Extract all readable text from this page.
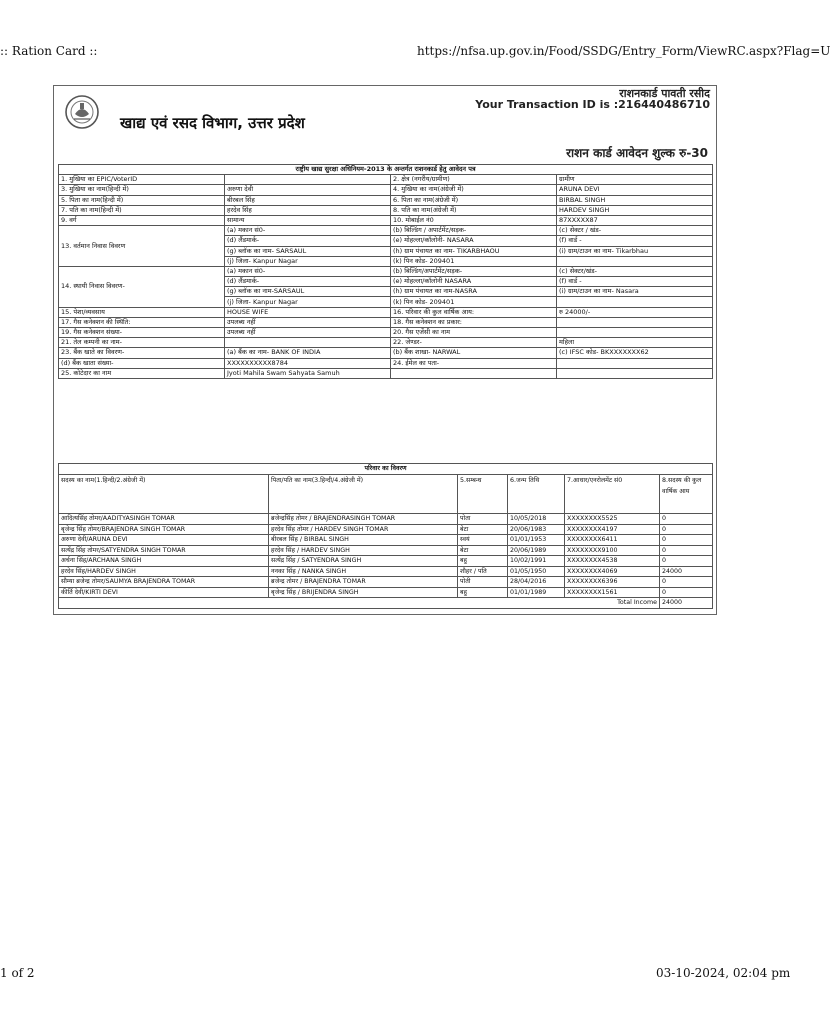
:: Ration Card ::	https://nfsa.up.gov.in/Food/SSDG/Entry_Form/ViewRC.aspx?Flag=U
खाद्य एवं रसद विभाग, उत्तर प्रदेश
राशनकार्ड पावती रसीद
Your Transaction ID is :216440486710
राशन कार्ड आवेदन शुल्क रु-30
राष्ट्रीय खाद्य सुरक्षा अधिनियम-2013 के अन्तर्गत राशनकार्ड हेतु आवेदन पत्र			
1. मुखिया का EPIC/VoterID		2. क्षेत्र (नगरीय/ग्रामीण)	ग्रामीण
3. मुखिया का नाम(हिन्दी में)	अरुणा देवी	4. मुखिया का नाम(अंग्रेजी में)	ARUNA DEVI
5. पिता का नाम(हिन्दी में)	बीरबल सिंह	6. पिता का नाम(अंग्रेजी में)	BIRBAL SINGH
7. पति का नाम(हिन्दी में)	हरदेव सिंह	8. पति का नाम(अंग्रेजी में)	HARDEV SINGH
9. वर्ग	सामान्य	10. मोबाईल नं0	87XXXXX87
13. वर्तमान निवास विवरण	(a) मकान सं0-	(b) बिल्डिंग / अपार्टमेंट/सड़क-	(c) सेक्टर / खंड-
	(d) लैंडमार्क-	(e) मोहल्ला/कॉलोनी- NASARA	(f) वार्ड -
	(g) ब्लॉक का नाम- SARSAUL	(h) ग्राम पंचायत का नाम- TIKARBHAOU	(i) ग्राम/टाउन का नाम- Tikarbhau
	(j) जिला- Kanpur Nagar	(k) पिन कोड- 209401	
14. स्थायी निवास विवरण-	(a) मकान सं0-	(b) बिल्डिंग/अपार्टमेंट/सड़क-	(c) सेक्टर/खंड-
	(d) लैंडमार्क-	(e) मोहल्ला/कॉलोनी NASARA	(f) वार्ड -
	(g) ब्लॉक का नाम-SARSAUL	(h) ग्राम पंचायत का नाम-NASRA	(i) ग्राम/टाउन का नाम- Nasara
	(j) जिला- Kanpur Nagar	(k) पिन कोड- 209401	
15. पेशा/व्यवसाय	HOUSE WIFE	16. परिवार की कुल वार्षिक आय:	रु 24000/-
17. गैस कनेक्शन की स्थिति:	उपलब्ध नहीं	18. गैस कनेक्शन का प्रकार:	
19. गैस कनेक्शन संख्या-	उपलब्ध नहीं	20. गैस एजेंसी का नाम	
21. तेल कम्पनी का नाम-		22. जेण्डर-	महिला
23. बैंक खाते का विवरण-	(a) बैंक का नाम- BANK OF INDIA	(b) बैंक शाखा- NARWAL	(c) IFSC कोड- BKXXXXXXX62
(d) बैंक खाता संख्या-	XXXXXXXXXX8784	24. ईमेल का पता-	
25. कोटेदार का नाम	Jyoti Mahila Swam Sahyata Samuh		
परिवार का विवरण					
सदस्य का नाम(1.हिन्दी/2.अंग्रेजी में)	पिता/पति का नाम(3.हिन्दी/4.अंग्रेजी में)	5.सम्बन्ध	6.जन्म तिथि	7.आधार/एनरोलमेंट सं0	8.सदस्य की कुल वार्षिक आय
आदित्यसिंह तोमर/AADITYASINGH TOMAR	ब्रजेन्द्रसिंह तोमर / BRAJENDRASINGH TOMAR	पोता	10/05/2018	XXXXXXXX5525	0
बृजेन्द्र सिंह तोमर/BRAJENDRA SINGH TOMAR	हरदेव सिंह तोमर / HARDEV SINGH TOMAR	बेटा	20/06/1983	XXXXXXXX4197	0
अरुणा देवी/ARUNA DEVI	बीरबल सिंह / BIRBAL SINGH	स्वयं	01/01/1953	XXXXXXXX6411	0
सत्येंद्र सिंह तोमर/SATYENDRA SINGH TOMAR	हरदेव सिंह / HARDEV SINGH	बेटा	20/06/1989	XXXXXXXX9100	0
अर्चना सिंह/ARCHANA SINGH	सत्येंद्र सिंह / SATYENDRA SINGH	बहु	10/02/1991	XXXXXXXX4538	0
हरदेव सिंह/HARDEV SINGH	ननका सिंह / NANKA SINGH	शौहर / पति	01/05/1950	XXXXXXXX4069	24000
सौम्या ब्रजेन्द्र तोमर/SAUMYA BRAJENDRA TOMAR	ब्रजेन्द्र तोमर / BRAJENDRA TOMAR	पोती	28/04/2016	XXXXXXXX6396	0
कीर्ति देवी/KIRTI DEVI	बृजेन्द्र सिंह / BRIJENDRA SINGH	बहु	01/01/1989	XXXXXXXX1561	0
Total Income					24000
1 of 2	03-10-2024, 02:04 pm
